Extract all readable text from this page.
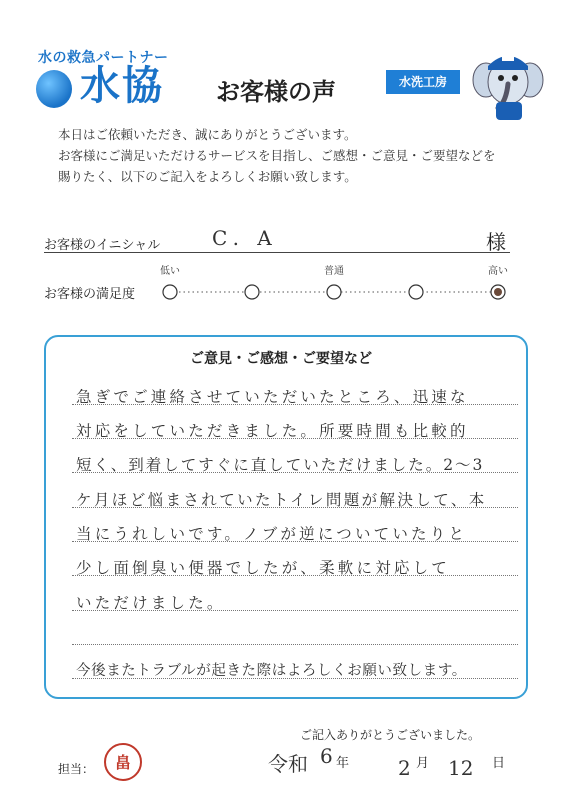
水の救急パートナー
水協 お客様の声	水洗工房

本日はご依頼いただき、誠にありがとうございます。

お客様にご満足いただけるサービスを目指し、ご感想・ご意見・ご要望などを

賜りたく、以下のご記入をよろしくお願い致します。

お客様のイニシャル	C. A	様
お客様の満足度
低い	普通	高い
ご意見・ご感想・ご要望など
急ぎでご連絡させていただいたところ、迅速な
対応をしていただきました。所要時間も比較的
短く、到着してすぐに直していただけました。2〜3
ケ月ほど悩まされていたトイレ問題が解決して、本
当にうれしいです。ノブが逆についていたりと
少し面倒臭い便器でしたが、柔軟に対応して
いただけました。
今後またトラブルが起きた際はよろしくお願い致します。
ご記入ありがとうございました。
担当：	畠	令和 6 年 2 月 12 日
